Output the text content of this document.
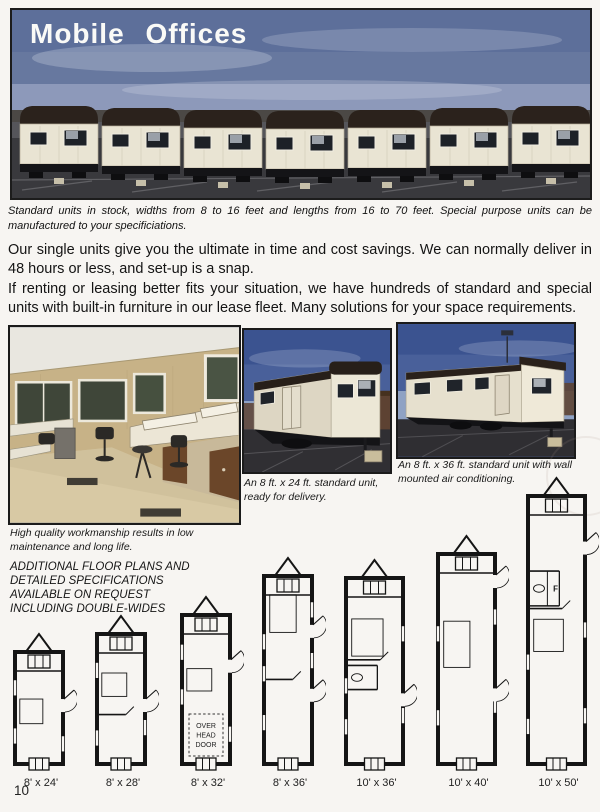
Mobile Offices
Standard units in stock, widths from 8 to 16 feet and lengths from 16 to 70 feet. Special purpose units can be manufactured to your specificiations.
Our single units give you the ultimate in time and cost savings. We can normally deliver in 48 hours or less, and set-up is a snap.
If renting or leasing better fits your situation, we have hundreds of standard and special units with built-in furniture in our lease fleet. Many solutions for your space requirements.
High quality workmanship results in low
maintenance and long life.
An 8 ft. x 24 ft. standard unit,
ready for delivery.
An 8 ft. x 36 ft. standard unit with wall
mounted air conditioning.
ADDITIONAL FLOOR PLANS AND
DETAILED SPECIFICATIONS
AVAILABLE ON REQUEST
INCLUDING DOUBLE-WIDES
8' x 24'	8' x 28'
OVER
HEAD
DOOR
8' x 32'	8' x 36'	10' x 36'	10' x 40'
F
10' x 50'
10
